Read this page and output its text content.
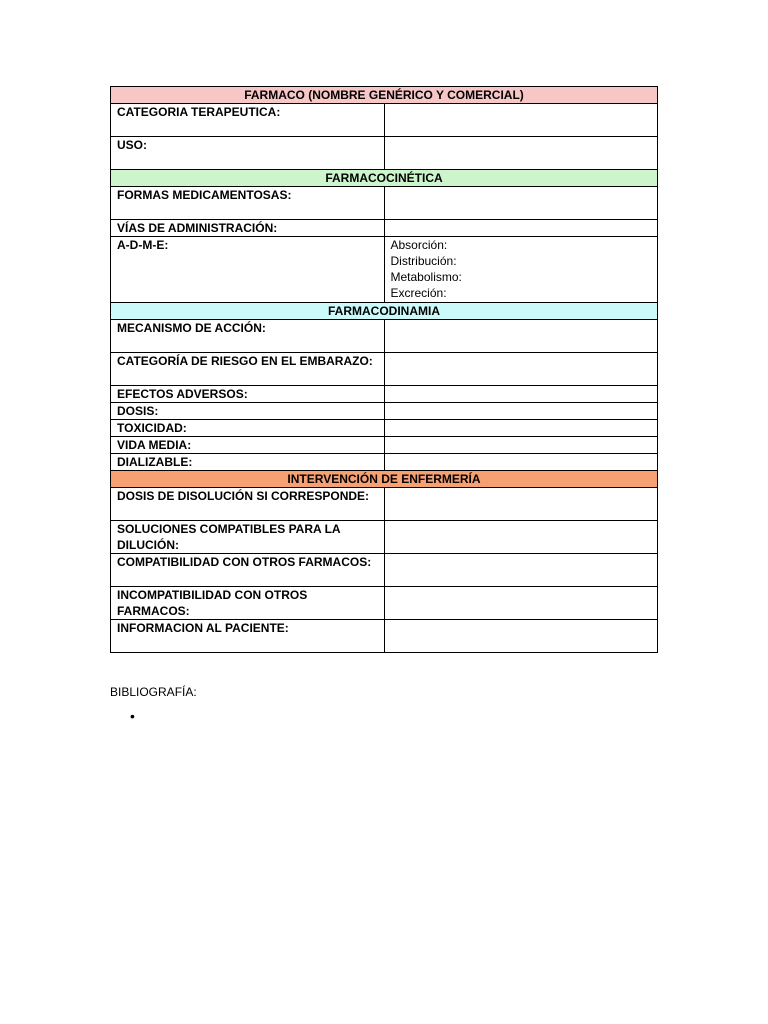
FARMACO (NOMBRE GENÉRICO Y COMERCIAL)	
CATEGORIA TERAPEUTICA:	
USO:	
FARMACOCINÉTICA	
FORMAS MEDICAMENTOSAS:	
VÍAS DE ADMINISTRACIÓN:	
A-D-M-E:	Absorción:
Distribución:
Metabolismo:
Excreción:

FARMACODINAMIA	
MECANISMO DE ACCIÓN:	
CATEGORÍA DE RIESGO EN EL EMBARAZO:	
EFECTOS ADVERSOS:	
DOSIS:	
TOXICIDAD:	
VIDA MEDIA:	
DIALIZABLE:	
INTERVENCIÓN DE ENFERMERÍA	
DOSIS DE DISOLUCIÓN SI CORRESPONDE:	
SOLUCIONES COMPATIBLES PARA LA DILUCIÓN:	
COMPATIBILIDAD CON OTROS FARMACOS:	
INCOMPATIBILIDAD CON OTROS FARMACOS:	
INFORMACION AL PACIENTE:	
BIBLIOGRAFÍA:
•
